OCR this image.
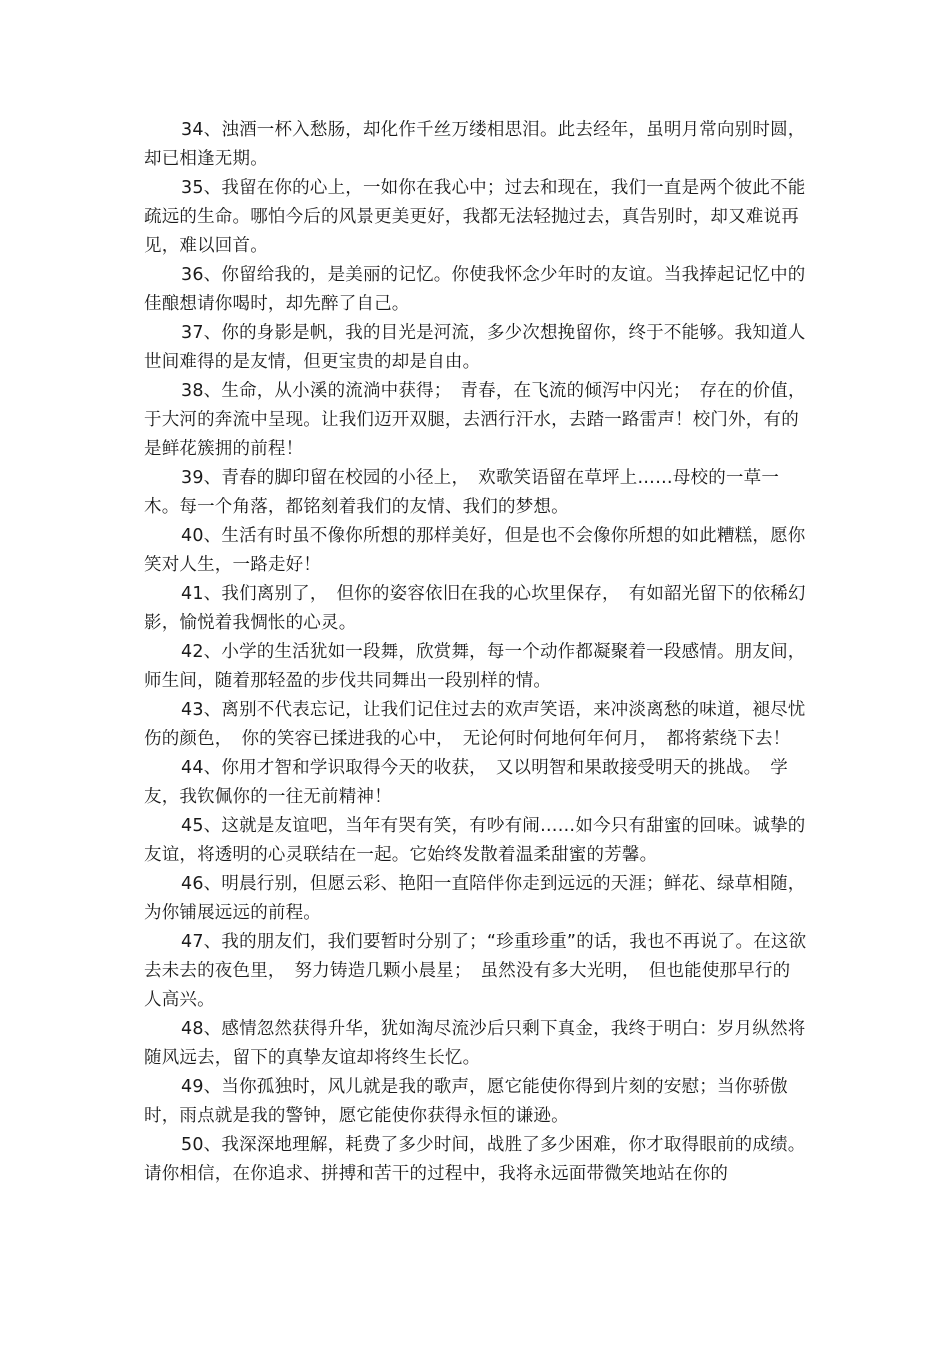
34、浊酒一杯入愁肠，却化作千丝万缕相思泪。此去经年，虽明月常向别时圆，却已相逢无期。

35、我留在你的心上，一如你在我心中；过去和现在，我们一直是两个彼此不能疏远的生命。哪怕今后的风景更美更好，我都无法轻抛过去，真告别时，却又难说再见，难以回首。

36、你留给我的，是美丽的记忆。你使我怀念少年时的友谊。当我捧起记忆中的佳酿想请你喝时，却先醉了自己。

37、你的身影是帆，我的目光是河流，多少次想挽留你，终于不能够。我知道人世间难得的是友情，但更宝贵的却是自由。

38、生命，从小溪的流淌中获得；　青春，在飞流的倾泻中闪光；　存在的价值，于大河的奔流中呈现。让我们迈开双腿，去洒行汗水，去踏一路雷声！校门外，有的是鲜花簇拥的前程！

39、青春的脚印留在校园的小径上，　欢歌笑语留在草坪上……母校的一草一木。每一个角落，都铭刻着我们的友情、我们的梦想。

40、生活有时虽不像你所想的那样美好，但是也不会像你所想的如此糟糕，愿你笑对人生，一路走好！

41、我们离别了，　但你的姿容依旧在我的心坎里保存，　有如韶光留下的依稀幻影，愉悦着我惆怅的心灵。

42、小学的生活犹如一段舞，欣赏舞，每一个动作都凝聚着一段感情。朋友间，师生间，随着那轻盈的步伐共同舞出一段别样的情。

43、离别不代表忘记，让我们记住过去的欢声笑语，来冲淡离愁的味道，褪尽忧伤的颜色，　你的笑容已揉进我的心中，　无论何时何地何年何月，　都将萦绕下去！

44、你用才智和学识取得今天的收获，　又以明智和果敢接受明天的挑战。　学友，我钦佩你的一往无前精神！

45、这就是友谊吧，当年有哭有笑，有吵有闹……如今只有甜蜜的回味。诚挚的友谊，将透明的心灵联结在一起。它始终发散着温柔甜蜜的芳馨。

46、明晨行别，但愿云彩、艳阳一直陪伴你走到远远的天涯；鲜花、绿草相随，为你铺展远远的前程。

47、我的朋友们，我们要暂时分别了；“珍重珍重”的话，我也不再说了。在这欲去未去的夜色里，　努力铸造几颗小晨星；　虽然没有多大光明，　但也能使那早行的人高兴。

48、感情忽然获得升华，犹如淘尽流沙后只剩下真金，我终于明白：岁月纵然将随风远去，留下的真挚友谊却将终生长忆。

49、当你孤独时，风儿就是我的歌声，愿它能使你得到片刻的安慰；当你骄傲时，雨点就是我的警钟，愿它能使你获得永恒的谦逊。

50、我深深地理解，耗费了多少时间，战胜了多少困难，你才取得眼前的成绩。请你相信，在你追求、拼搏和苦干的过程中，我将永远面带微笑地站在你的
